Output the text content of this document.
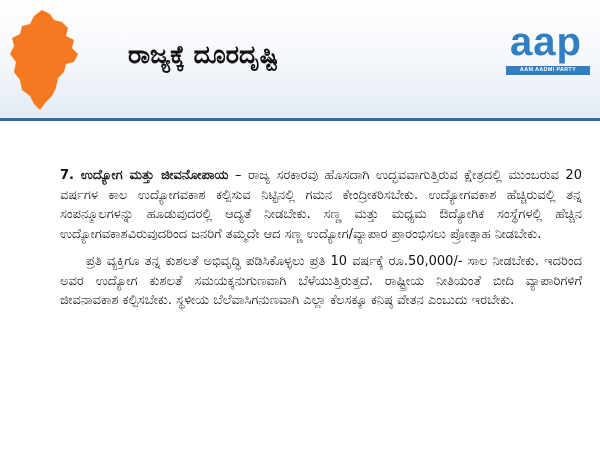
ರಾಜ್ಯಕ್ಕೆ ದೂರದೃಷ್ಟಿ	aap
AAM AADMI PARTY

7. ಉದ್ಯೋಗ ಮತ್ತು ಜೀವನೋಪಾಯ – ರಾಜ್ಯ ಸರಕಾರವು ಹೊಸದಾಗಿ ಉದ್ಭವವಾಗುತ್ತಿರುವ ಕ್ಷೇತ್ರದಲ್ಲಿ ಮುಂಬರುವ 20 ವರ್ಷಗಳ ಕಾಲ ಉದ್ಯೋಗವಕಾಶ ಕಲ್ಪಿಸುವ ನಿಟ್ಟಿನಲ್ಲಿ ಗಮನ ಕೇಂದ್ರೀಕರಿಸಬೇಕು. ಉದ್ಯೋಗವಕಾಶ ಹೆಚ್ಚಿರುವಲ್ಲಿ ತನ್ನ ಸಂಪನ್ಮೂಲಗಳನ್ನು ಹೂಡುವುದರಲ್ಲಿ ಆದ್ಯತೆ ನೀಡಬೇಕು. ಸಣ್ಣ ಮತ್ತು ಮಧ್ಯಮ ಔದ್ಯೋಗಿಕ ಸಂಸ್ಥೆಗಳಲ್ಲಿ ಹೆಚ್ಚಿನ ಉದ್ಯೋಗವಕಾಶವಿರುವುದರಿಂದ ಜನರಿಗೆ ತಮ್ಮದೇ ಆದ ಸಣ್ಣ ಉದ್ಯೋಗ/ವ್ಯಾಪಾರ ಪ್ರಾರಂಭಿಸಲು ಪ್ರೋತ್ಸಾಹ ನೀಡಬೇಕು.

ಪ್ರತಿ ವ್ಯಕ್ತಿಗೂ ತನ್ನ ಕುಶಲತೆ ಅಭಿವೃದ್ಧಿ ಪಡಿಸಿಕೊಳ್ಳಲು ಪ್ರತಿ 10 ವರ್ಷಕ್ಕೆ ರೂ.50,000/- ಸಾಲ ನೀಡಬೇಕು. ಇದರಿಂದ ಅವರ ಉದ್ಯೋಗ ಕುಶಲತೆ ಸಮಯಕ್ಕನುಗುಣವಾಗಿ ಬೆಳೆಯುತ್ತಿರುತ್ತದೆ. ರಾಷ್ಟ್ರೀಯ ನೀತಿಯಂತೆ ಬೀದಿ ವ್ಯಾಪಾರಿಗಳಿಗೆ ಜೀವನಾವಕಾಶ ಕಲ್ಪಿಸಬೇಕು. ಸ್ಥಳೀಯ ಬೆಲೆವಾಸಿಗನುಣವಾಗಿ ಎಲ್ಲಾ ಕೆಲಸಕ್ಕೂ ಕನಿಷ್ಠ ವೇತನ ಎಂಬುದು ಇರಬೇಕು.
